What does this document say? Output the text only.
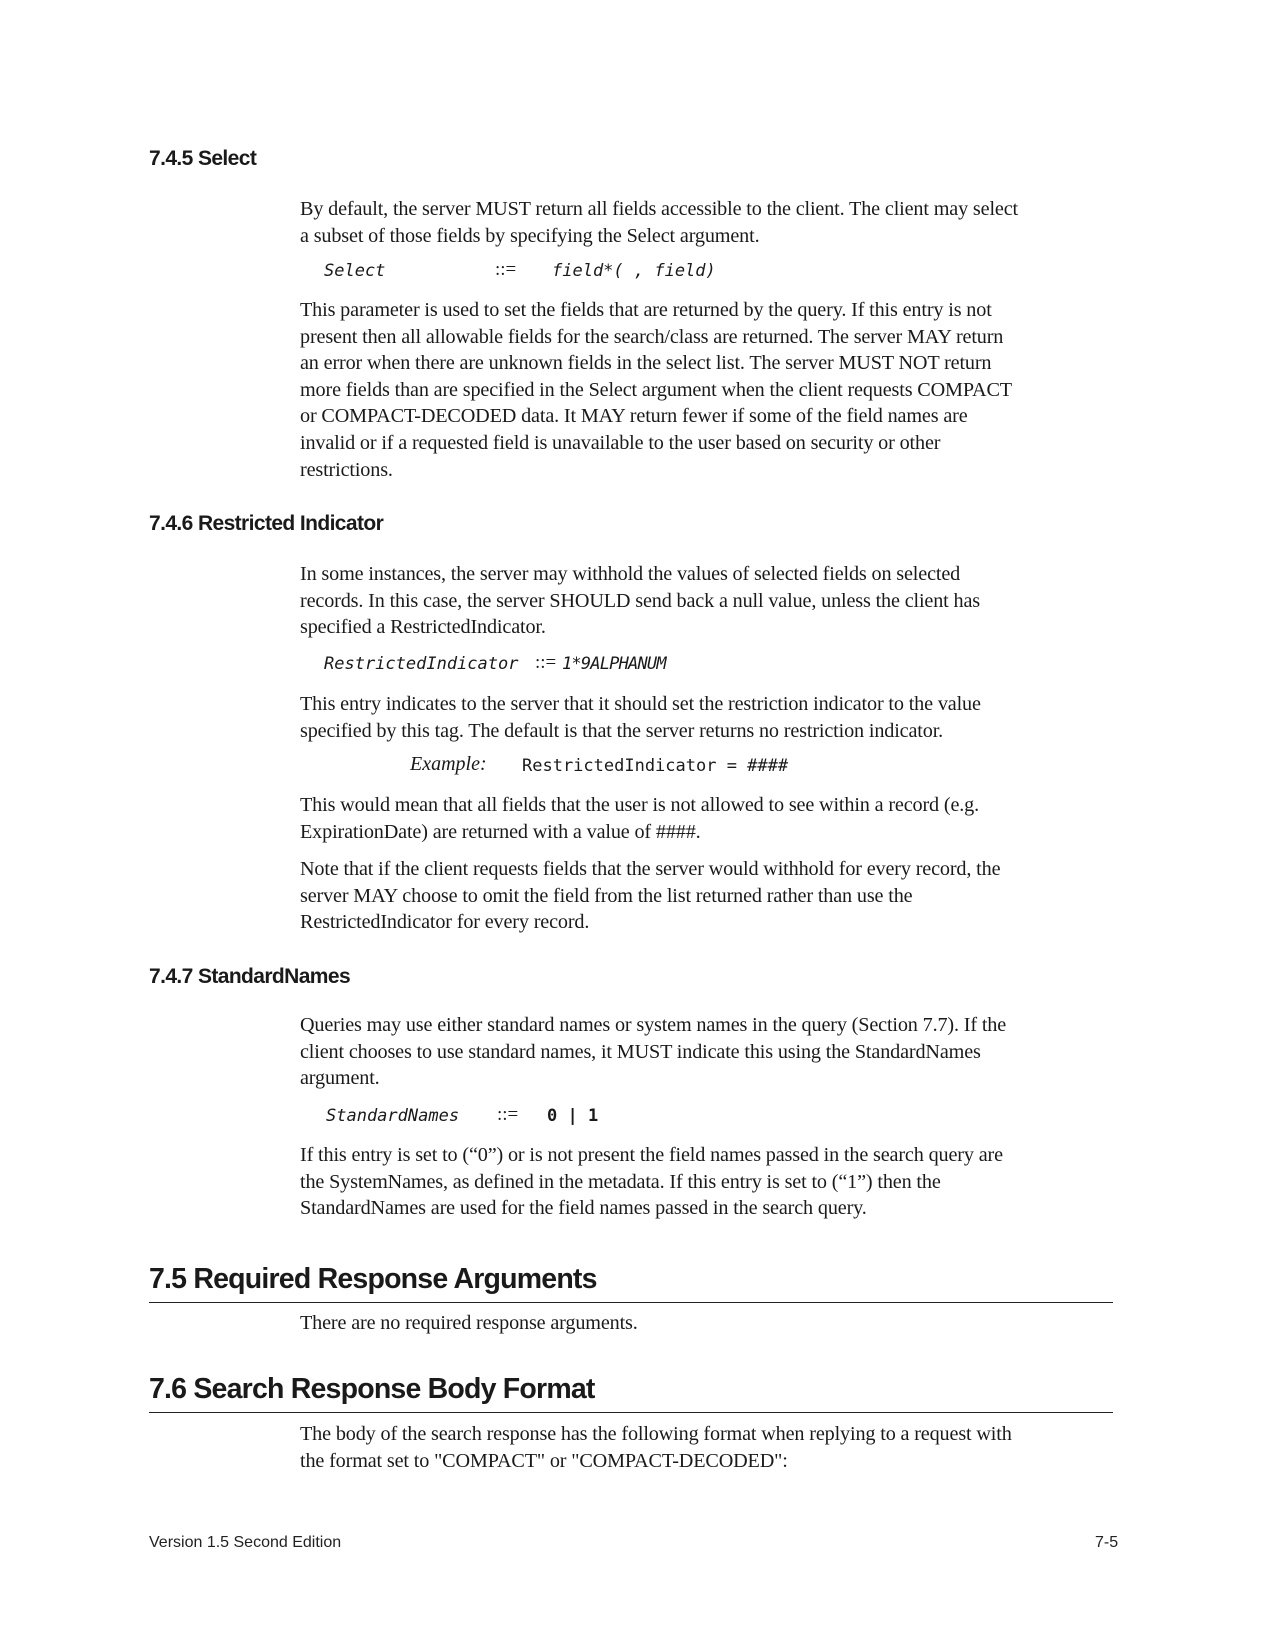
7.4.5 Select
By default, the server MUST return all fields accessible to the client. The client may select
a subset of those fields by specifying the Select argument.
Select	::= field*( , field)
This parameter is used to set the fields that are returned by the query. If this entry is not
present then all allowable fields for the search/class are returned. The server MAY return
an error when there are unknown fields in the select list. The server MUST NOT return
more fields than are specified in the Select argument when the client requests COMPACT
or COMPACT-DECODED data. It MAY return fewer if some of the field names are
invalid or if a requested field is unavailable to the user based on security or other
restrictions.
7.4.6 Restricted Indicator
In some instances, the server may withhold the values of selected fields on selected
records. In this case, the server SHOULD send back a null value, unless the client has
specified a RestrictedIndicator.
RestrictedIndicator ::= 1*9ALPHANUM
This entry indicates to the server that it should set the restriction indicator to the value
specified by this tag. The default is that the server returns no restriction indicator.
Example: RestrictedIndicator = ####
This would mean that all fields that the user is not allowed to see within a record (e.g.
ExpirationDate) are returned with a value of ####.
Note that if the client requests fields that the server would withhold for every record, the
server MAY choose to omit the field from the list returned rather than use the
RestrictedIndicator for every record.
7.4.7 StandardNames
Queries may use either standard names or system names in the query (Section 7.7). If the
client chooses to use standard names, it MUST indicate this using the StandardNames
argument.
StandardNames ::= 0 | 1
If this entry is set to (“0”) or is not present the field names passed in the search query are
the SystemNames, as defined in the metadata. If this entry is set to (“1”) then the
StandardNames are used for the field names passed in the search query.
7.5 Required Response Arguments
There are no required response arguments.
7.6 Search Response Body Format
The body of the search response has the following format when replying to a request with
the format set to "COMPACT" or "COMPACT-DECODED":
Version 1.5 Second Edition	7-5
